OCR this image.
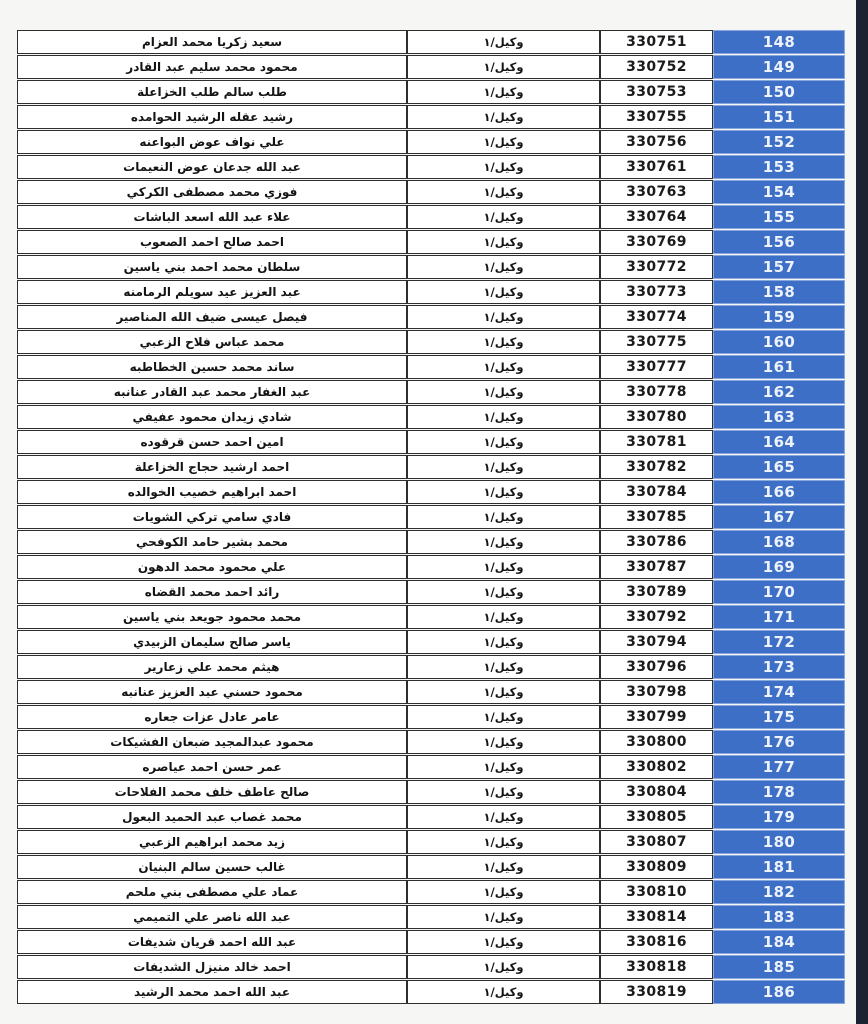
سعيد زكريا محمد العزام	وكيل/١	330751	148
محمود محمد سليم عبد القادر	وكيل/١	330752	149
طلب سالم طلب الخزاعلة	وكيل/١	330753	150
رشيد عقله الرشيد الحوامده	وكيل/١	330755	151
علي نواف عوض البواعنه	وكيل/١	330756	152
عبد الله جدعان عوض النعيمات	وكيل/١	330761	153
فوزي محمد مصطفى الكركي	وكيل/١	330763	154
علاء عبد الله اسعد الباشات	وكيل/١	330764	155
احمد صالح احمد الصعوب	وكيل/١	330769	156
سلطان محمد احمد بني ياسين	وكيل/١	330772	157
عبد العزيز عيد سويلم الرمامنه	وكيل/١	330773	158
فيصل عيسى ضيف الله المناصير	وكيل/١	330774	159
محمد عباس فلاح الزعبي	وكيل/١	330775	160
ساند محمد حسين الخطاطبه	وكيل/١	330777	161
عبد الغفار محمد عبد القادر عنانبه	وكيل/١	330778	162
شادي زيدان محمود عفيفي	وكيل/١	330780	163
امين احمد حسن قرقوده	وكيل/١	330781	164
احمد ارشيد حجاج الخزاعلة	وكيل/١	330782	165
احمد ابراهيم خصيب الخوالده	وكيل/١	330784	166
فادي سامي تركي الشويات	وكيل/١	330785	167
محمد بشير حامد الكوفحي	وكيل/١	330786	168
علي محمود محمد الدهون	وكيل/١	330787	169
رائد احمد محمد القضاه	وكيل/١	330789	170
محمد محمود جويعد بني ياسين	وكيل/١	330792	171
ياسر صالح سليمان الزبيدي	وكيل/١	330794	172
هيثم محمد علي زعارير	وكيل/١	330796	173
محمود حسني عبد العزيز عنانبه	وكيل/١	330798	174
عامر عادل عزات جعاره	وكيل/١	330799	175
محمود عبدالمجيد ضبعان الفشيكات	وكيل/١	330800	176
عمر حسن احمد عياصره	وكيل/١	330802	177
صالح عاطف خلف محمد الفلاحات	وكيل/١	330804	178
محمد غصاب عبد الحميد البعول	وكيل/١	330805	179
زيد محمد ابراهيم الزعبي	وكيل/١	330807	180
غالب حسين سالم البنيان	وكيل/١	330809	181
عماد علي مصطفى بني ملحم	وكيل/١	330810	182
عبد الله ناصر علي التميمي	وكيل/١	330814	183
عبد الله احمد قريان شديفات	وكيل/١	330816	184
احمد خالد منيزل الشديفات	وكيل/١	330818	185
عبد الله احمد محمد الرشيد	وكيل/١	330819	186
